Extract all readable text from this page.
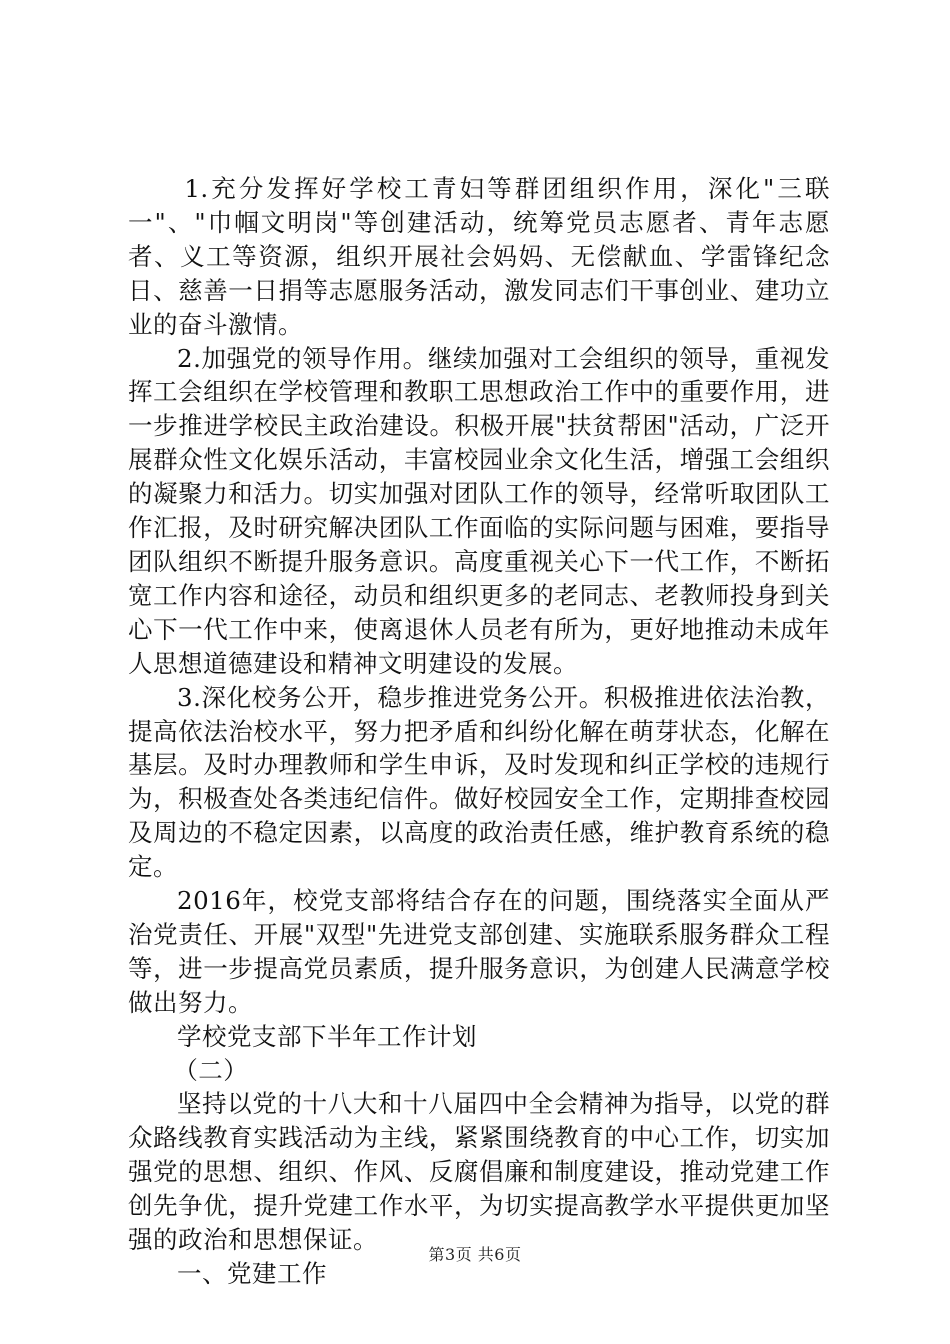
1.充分发挥好学校工青妇等群团组织作用，深化"三联一"、"巾帼文明岗"等创建活动，统筹党员志愿者、青年志愿者、义工等资源，组织开展社会妈妈、无偿献血、学雷锋纪念日、慈善一日捐等志愿服务活动，激发同志们干事创业、建功立业的奋斗激情。

2.加强党的领导作用。继续加强对工会组织的领导，重视发挥工会组织在学校管理和教职工思想政治工作中的重要作用，进一步推进学校民主政治建设。积极开展"扶贫帮困"活动，广泛开展群众性文化娱乐活动，丰富校园业余文化生活，增强工会组织的凝聚力和活力。切实加强对团队工作的领导，经常听取团队工作汇报，及时研究解决团队工作面临的实际问题与困难，要指导团队组织不断提升服务意识。高度重视关心下一代工作，不断拓宽工作内容和途径，动员和组织更多的老同志、老教师投身到关心下一代工作中来，使离退休人员老有所为，更好地推动未成年人思想道德建设和精神文明建设的发展。

3.深化校务公开，稳步推进党务公开。积极推进依法治教，提高依法治校水平，努力把矛盾和纠纷化解在萌芽状态，化解在基层。及时办理教师和学生申诉，及时发现和纠正学校的违规行为，积极查处各类违纪信件。做好校园安全工作，定期排查校园及周边的不稳定因素，以高度的政治责任感，维护教育系统的稳定。

2016年，校党支部将结合存在的问题，围绕落实全面从严治党责任、开展"双型"先进党支部创建、实施联系服务群众工程等，进一步提高党员素质，提升服务意识，为创建人民满意学校做出努力。

学校党支部下半年工作计划

（二）

坚持以党的十八大和十八届四中全会精神为指导，以党的群众路线教育实践活动为主线，紧紧围绕教育的中心工作，切实加强党的思想、组织、作风、反腐倡廉和制度建设，推动党建工作创先争优，提升党建工作水平，为切实提高教学水平提供更加坚强的政治和思想保证。

一、党建工作

第3页 共6页
